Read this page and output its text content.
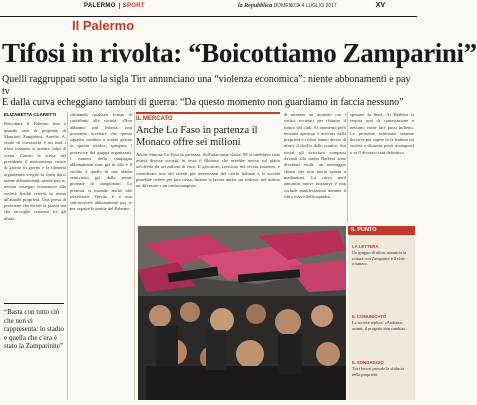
PALERMO SPORT	la Repubblica DOMENICA 4 LUGLIO 2017	XV
Il Palermo
Tifosi in rivolta: “Boicottiamo Zamparini”
Quelli raggruppati sotto la sigla Tirr annunciano una “violenza economica”: niente abbonamenti e pay tv
E dalla curva echeggiano tamburi di guerra: “Da questo momento non guardiamo in faccia nessuno”
ELIZABETTA CLARETTI
Boicottare il Palermo fino a quando sarà di proprietà di Maurizio Zamparini. Aurelio A. vitale di curvasorta è un tutti i tifosi rosanero si quattro colpi di scena. Contro le scelte del presidente il malcontento cresce di giorno in giorno e la tifoseria organizzata sceglie la linea dura: niente abbonamenti, niente pay tv, nessun sostegno economico alla società finché resterà in mano all'attuale proprietà. Una presa di posizione che divide la piazza ma che raccoglie consensi tra gli ultras.
rifiutando qualsiasi forma di contributo alla società. «Non abbiamo più fiducia, non possiamo accettare che questa squadra continui a essere gestita in questo modo», spiegano i portavoce dei gruppi organizzati. I numeri della campagna abbonamenti sono già in calo e il rischio è quello di uno stadio semivuoto già dalle prime giornate di campionato. La protesta si estende anche alle televisioni: l'invito è a non sottoscrivere abbonamenti pay tv per seguire le partite del Palermo.
di ottenere un incontro con i vertici societari per chiarire il futuro del club. Al momento però nessuna apertura è arrivata dalla proprietà e i tifosi hanno deciso di alzare il livello dello scontro. Sui social gli striscioni comparsi davanti allo stadio Barbera sono diventati virali: un messaggio chiaro che non lascia spazio a mediazioni. La curva nord annuncia nuove iniziative e non esclude manifestazioni durante il ritiro estivo della squadra.
sposano la linea. Al Barbera si respira aria di contestazione e nessuno vuole fare passi indietro. Le prossime settimane saranno decisive per capire se la frattura tra società e tifoseria potrà ricomporsi o se il divorzio sarà definitivo.
“Basta con tutto ciò che non ci rappresenta: lo stadio e quella che c'era è stato la Zamparinite”
IL MERCATO
Anche Lo Faso in partenza il Monaco offre sei milioni
Anche Simone Lo Faso in partenza. Sull'attaccante classe '98 si sarebbero fatte avanti diverse società, in testa il Monaco che avrebbe messo sul piatto un'offerta da sei milioni di euro. Il giocatore, cresciuto nel vivaio rosanero, è considerato uno dei talenti più interessanti del calcio italiano e la società potrebbe cedere per fare cassa. Intanto si lavora anche sui rinforzi: nel mirino un difensore e un centrocampista.
IL PUNTO
LA LETTERA
Un gruppo di ultras annuncia la rottura con Zamparini e il club rosanero.
IL COMUNICATO
La società replica: «Andiamo avanti, il progetto non cambia».
IL SONDAGGIO
Tra i lettori prevale la sfiducia nella proprietà.
